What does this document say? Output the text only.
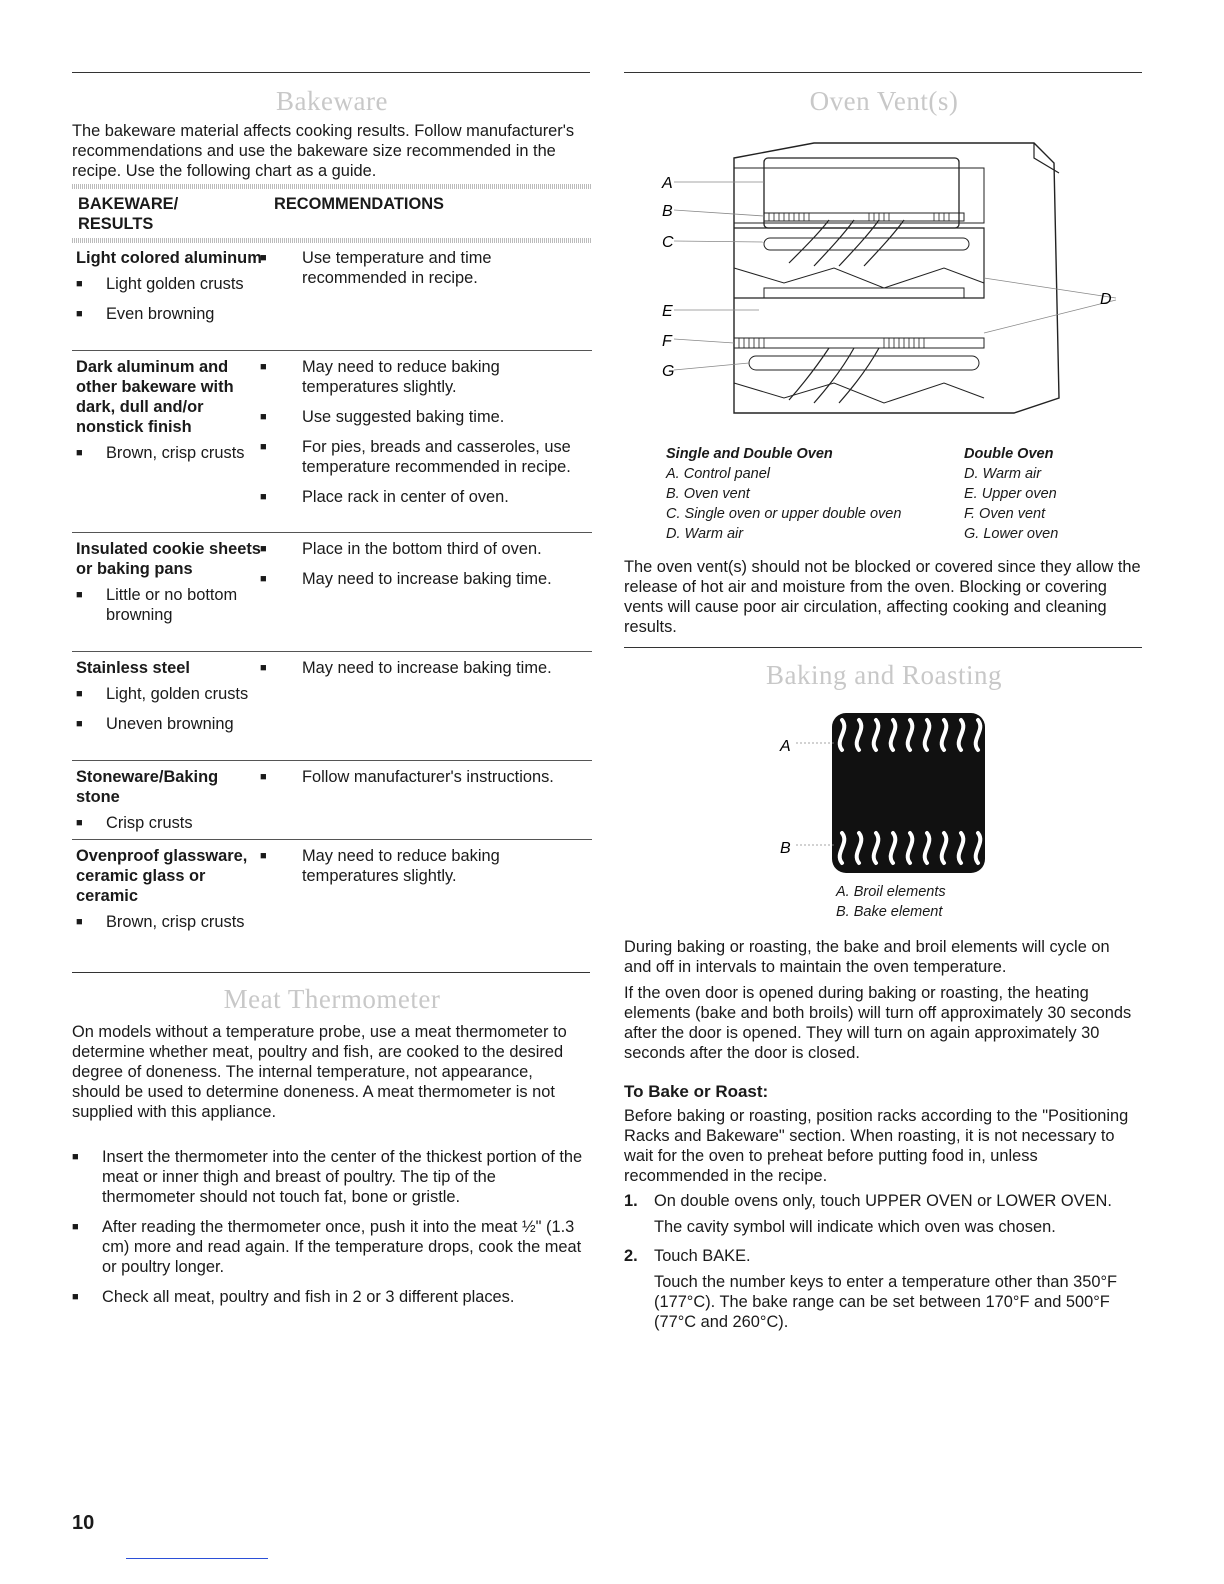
Bakeware

The bakeware material affects cooking results. Follow manufacturer's recommendations and use the bakeware size recommended in the recipe. Use the following chart as a guide.

BAKEWARE/ RESULTS
RECOMMENDATIONS

Light colored aluminum

■ Light golden crusts

■ Even browning

■ Use temperature and time recommended in recipe.

Dark aluminum and other bakeware with dark, dull and/or nonstick finish

■ Brown, crisp crusts

■ May need to reduce baking temperatures slightly.

■ Use suggested baking time.

■ For pies, breads and casseroles, use temperature recommended in recipe.

■ Place rack in center of oven.

Insulated cookie sheets or baking pans

■ Little or no bottom browning

■ Place in the bottom third of oven.

■ May need to increase baking time.

Stainless steel

■ Light, golden crusts

■ Uneven browning

■ May need to increase baking time.

Stoneware/Baking stone

■ Crisp crusts

■ Follow manufacturer's instructions.

Ovenproof glassware, ceramic glass or ceramic

■ Brown, crisp crusts

■ May need to reduce baking temperatures slightly.

Meat Thermometer

On models without a temperature probe, use a meat thermometer to determine whether meat, poultry and fish, are cooked to the desired degree of doneness. The internal temperature, not appearance, should be used to determine doneness. A meat thermometer is not supplied with this appliance.

■ Insert the thermometer into the center of the thickest portion of the meat or inner thigh and breast of poultry. The tip of the thermometer should not touch fat, bone or gristle.

■ After reading the thermometer once, push it into the meat ½" (1.3 cm) more and read again. If the temperature drops, cook the meat or poultry longer.

■ Check all meat, poultry and fish in 2 or 3 different places.

Oven Vent(s)
A
B
C
E
F
G
D
Single and Double Oven
A. Control panel
B. Oven vent
C. Single oven or upper double oven
D. Warm air
Double Oven
D. Warm air
E. Upper oven
F. Oven vent
G. Lower oven

The oven vent(s) should not be blocked or covered since they allow the release of hot air and moisture from the oven. Blocking or covering vents will cause poor air circulation, affecting cooking and cleaning results.

Baking and Roasting
A
B
A. Broil elements
B. Bake element

During baking or roasting, the bake and broil elements will cycle on and off in intervals to maintain the oven temperature.

If the oven door is opened during baking or roasting, the heating elements (bake and both broils) will turn off approximately 30 seconds after the door is opened. They will turn on again approximately 30 seconds after the door is closed.

To Bake or Roast:

Before baking or roasting, position racks according to the "Positioning Racks and Bakeware" section. When roasting, it is not necessary to wait for the oven to preheat before putting food in, unless recommended in the recipe.

1. On double ovens only, touch UPPER OVEN or LOWER OVEN.
The cavity symbol will indicate which oven was chosen.
2. Touch BAKE.
Touch the number keys to enter a temperature other than 350°F (177°C). The bake range can be set between 170°F and 500°F (77°C and 260°C).
10
